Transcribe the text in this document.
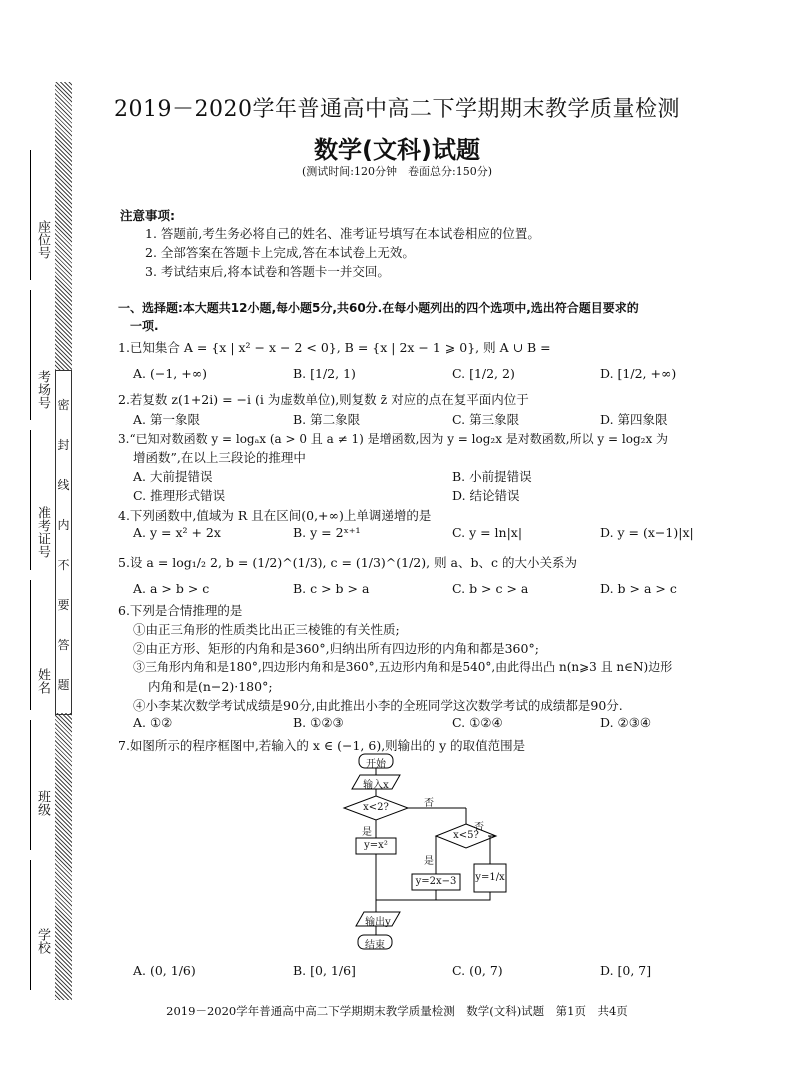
密
封
线
内
不
要
答
题
学校
班级
姓名
准考证号
考场号
座位号
2019－2020学年普通高中高二下学期期末教学质量检测
数学(文科)试题
(测试时间:120分钟　卷面总分:150分)
注意事项:
1. 答题前,考生务必将自己的姓名、准考证号填写在本试卷相应的位置。
2. 全部答案在答题卡上完成,答在本试卷上无效。
3. 考试结束后,将本试卷和答题卡一并交回。
一、选择题:本大题共12小题,每小题5分,共60分.在每小题列出的四个选项中,选出符合题目要求的
一项.
1.已知集合 A = {x | x² − x − 2 < 0}, B = {x | 2x − 1 ⩾ 0}, 则 A ∪ B =
A. (−1, +∞)	B. [1/2, 1)	C. [1/2, 2)	D. [1/2, +∞)
2.若复数 z(1+2i) = −i (i 为虚数单位),则复数 z̄ 对应的点在复平面内位于
A. 第一象限	B. 第二象限	C. 第三象限	D. 第四象限
3.“已知对数函数 y = logₐx (a > 0 且 a ≠ 1) 是增函数,因为 y = log₂x 是对数函数,所以 y = log₂x 为
增函数”,在以上三段论的推理中
A. 大前提错误	B. 小前提错误
C. 推理形式错误	D. 结论错误
4.下列函数中,值域为 R 且在区间(0,+∞)上单调递增的是
A. y = x² + 2x	B. y = 2ˣ⁺¹	C. y = ln|x|	D. y = (x−1)|x|
5.设 a = log₁/₂ 2, b = (1/2)^(1/3), c = (1/3)^(1/2), 则 a、b、c 的大小关系为
A. a > b > c	B. c > b > a	C. b > c > a	D. b > a > c
6.下列是合情推理的是
①由正三角形的性质类比出正三棱锥的有关性质;
②由正方形、矩形的内角和是360°,归纳出所有四边形的内角和都是360°;
③三角形内角和是180°,四边形内角和是360°,五边形内角和是540°,由此得出凸 n(n⩾3 且 n∈N)边形
内角和是(n−2)·180°;
④小李某次数学考试成绩是90分,由此推出小李的全班同学这次数学考试的成绩都是90分.
A. ①②	B. ①②③	C. ①②④	D. ②③④
7.如图所示的程序框图中,若输入的 x ∈ (−1, 6),则输出的 y 的取值范围是
开始
输入x
x<2?
是
否
y=x²
x<5?
是
否
y=2x−3	y=1/x
输出y
结束
A. (0, 1/6)	B. [0, 1/6]	C. (0, 7)	D. [0, 7]
2019－2020学年普通高中高二下学期期末教学质量检测　数学(文科)试题　第1页　共4页
